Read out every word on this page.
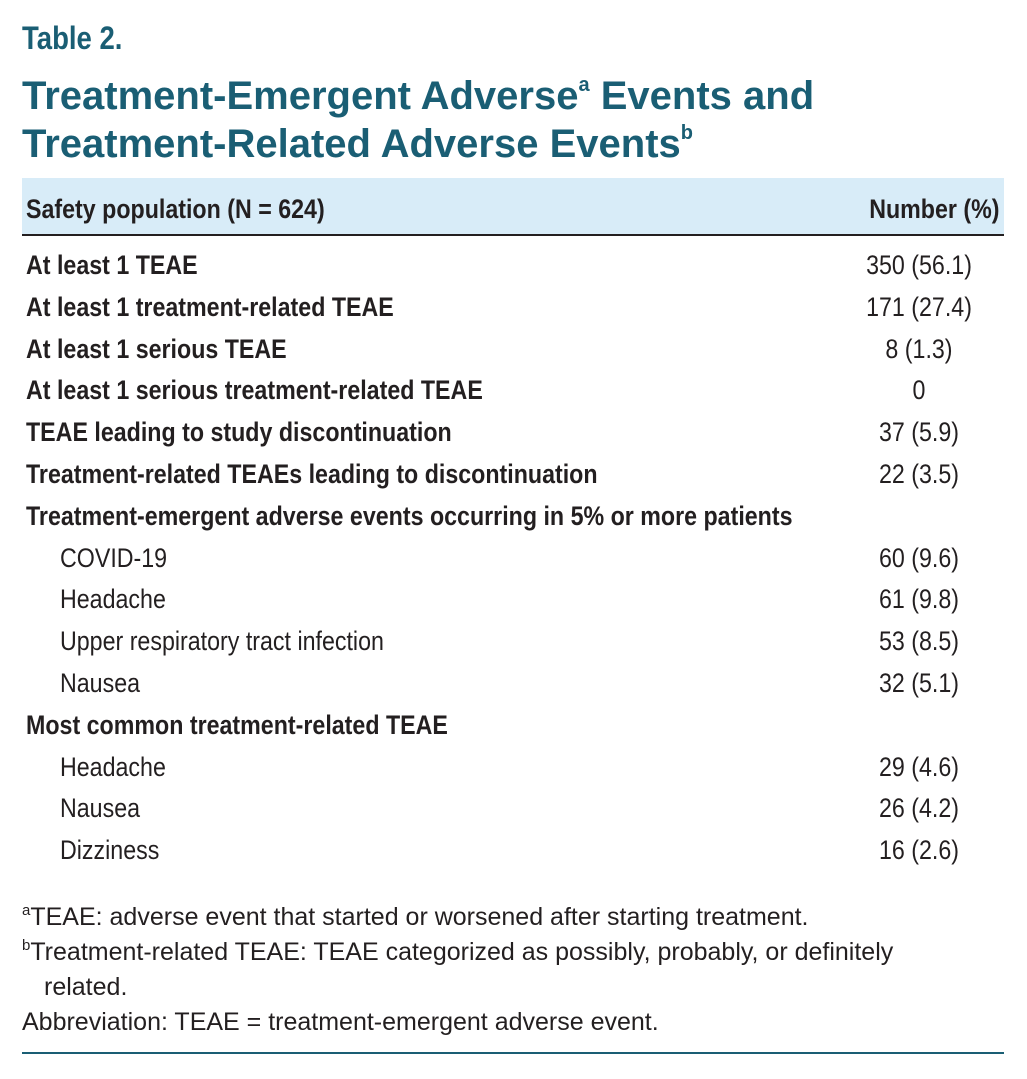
Table 2.
Treatment-Emergent Adverse$^a$ Events and
Treatment-Related Adverse Events$^b$
Safety population (N = 624)	Number (%)
At least 1 TEAE	350 (56.1)
At least 1 treatment-related TEAE	171 (27.4)
At least 1 serious TEAE	8 (1.3)
At least 1 serious treatment-related TEAE	0
TEAE leading to study discontinuation	37 (5.9)
Treatment-related TEAEs leading to discontinuation	22 (3.5)
Treatment-emergent adverse events occurring in 5% or more patients
COVID-19	60 (9.6)
Headache	61 (9.8)
Upper respiratory tract infection	53 (8.5)
Nausea	32 (5.1)
Most common treatment-related TEAE
Headache	29 (4.6)
Nausea	26 (4.2)
Dizziness	16 (2.6)
$^a$TEAE: adverse event that started or worsened after starting treatment.
$^b$Treatment-related TEAE: TEAE categorized as possibly, probably, or definitely
related.
Abbreviation: TEAE = treatment-emergent adverse event.
